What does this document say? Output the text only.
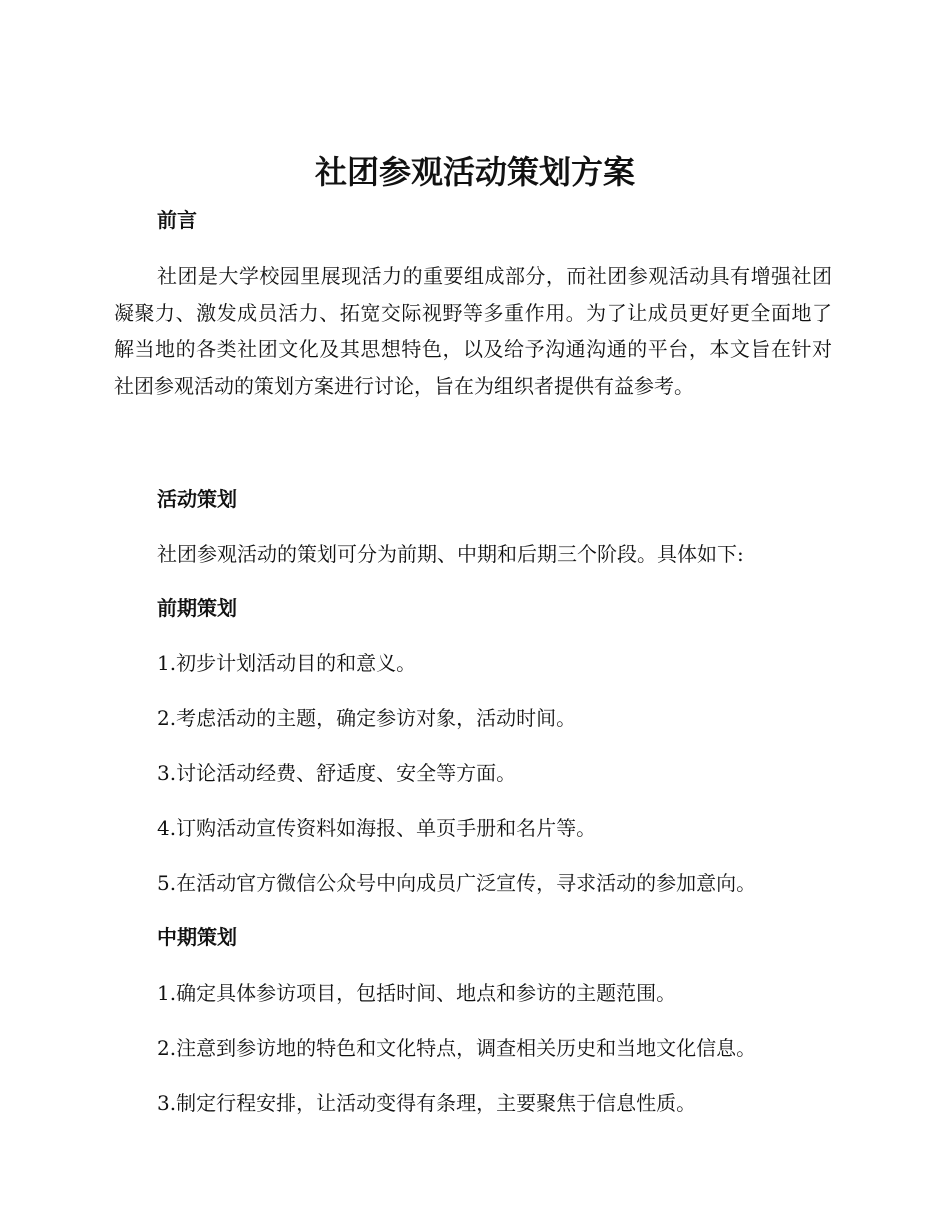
社团参观活动策划方案
前言
社团是大学校园里展现活力的重要组成部分，而社团参观活动具有增强社团凝聚力、激发成员活力、拓宽交际视野等多重作用。为了让成员更好更全面地了解当地的各类社团文化及其思想特色，以及给予沟通沟通的平台，本文旨在针对社团参观活动的策划方案进行讨论，旨在为组织者提供有益参考。
活动策划
社团参观活动的策划可分为前期、中期和后期三个阶段。具体如下:
前期策划
1.初步计划活动目的和意义。
2.考虑活动的主题，确定参访对象，活动时间。
3.讨论活动经费、舒适度、安全等方面。
4.订购活动宣传资料如海报、单页手册和名片等。
5.在活动官方微信公众号中向成员广泛宣传，寻求活动的参加意向。
中期策划
1.确定具体参访项目，包括时间、地点和参访的主题范围。
2.注意到参访地的特色和文化特点，调查相关历史和当地文化信息。
3.制定行程安排，让活动变得有条理，主要聚焦于信息性质。
